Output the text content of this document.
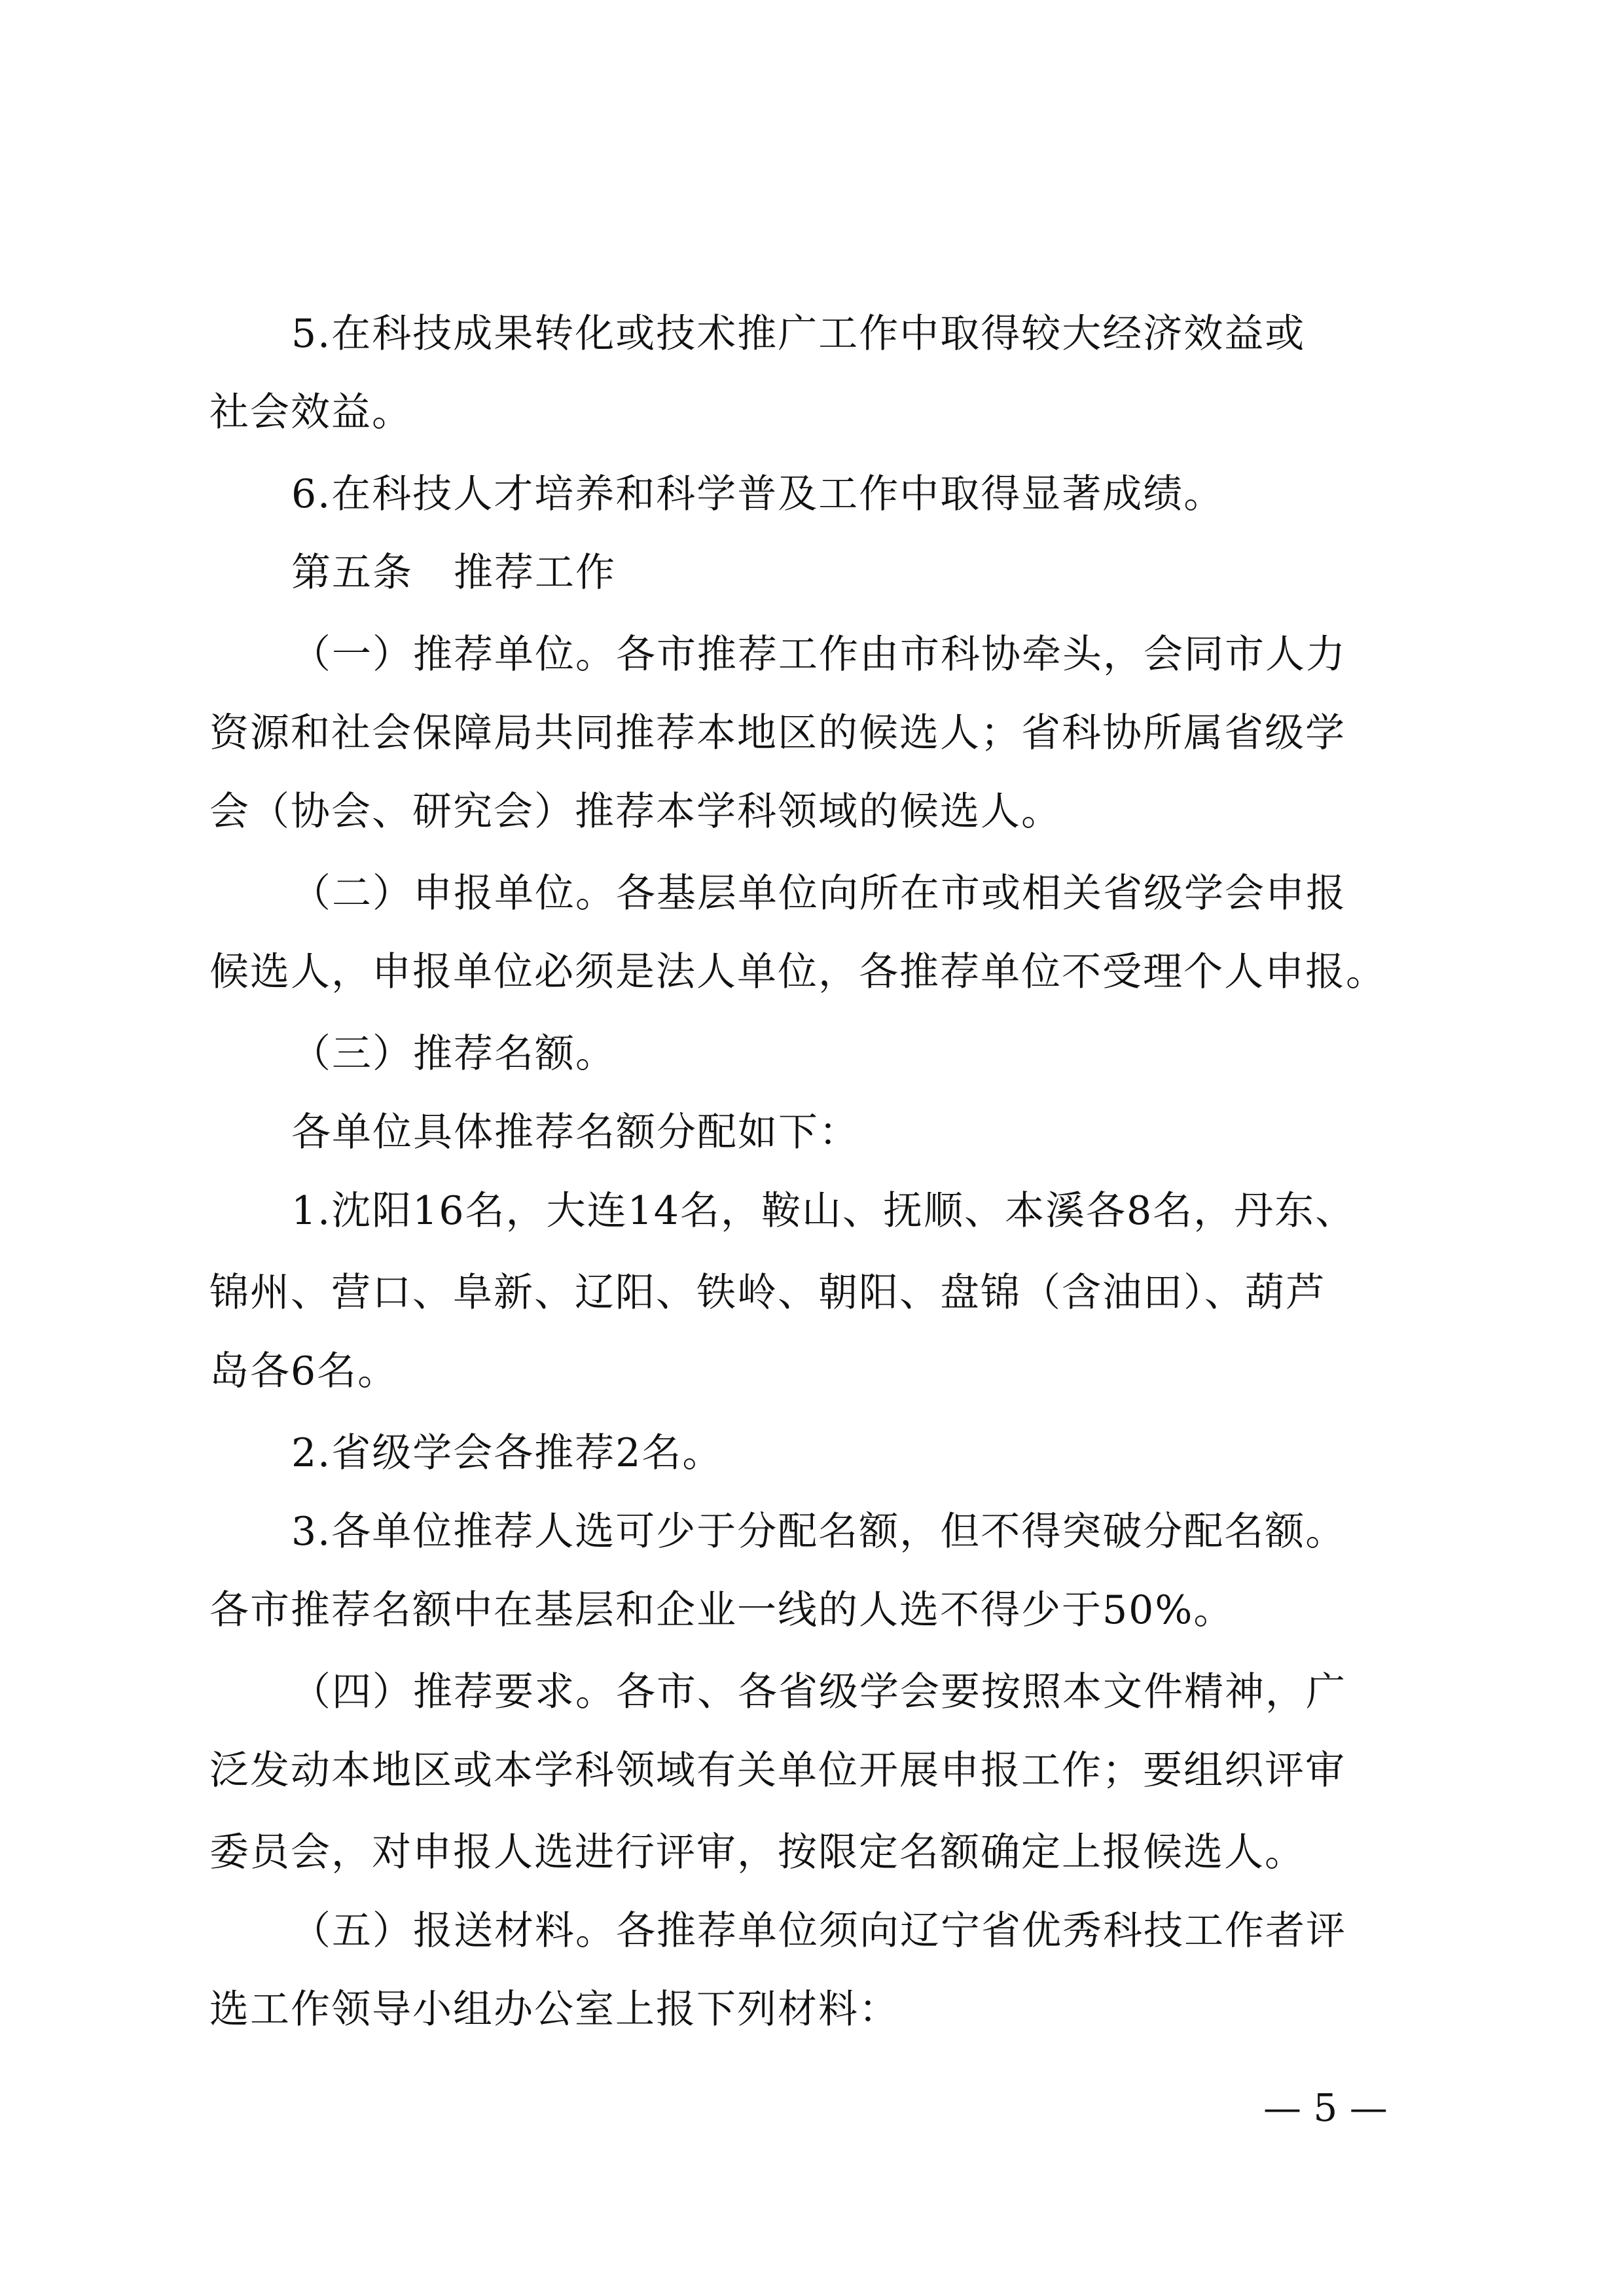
5.在科技成果转化或技术推广工作中取得较大经济效益或
社会效益。
6.在科技人才培养和科学普及工作中取得显著成绩。
第五条　推荐工作
（一）推荐单位。各市推荐工作由市科协牵头，会同市人力
资源和社会保障局共同推荐本地区的候选人；省科协所属省级学
会（协会、研究会）推荐本学科领域的候选人。
（二）申报单位。各基层单位向所在市或相关省级学会申报
候选人，申报单位必须是法人单位，各推荐单位不受理个人申报。
（三）推荐名额。
各单位具体推荐名额分配如下：
1.沈阳16名，大连14名，鞍山、抚顺、本溪各8名，丹东、
锦州、营口、阜新、辽阳、铁岭、朝阳、盘锦（含油田）、葫芦
岛各6名。
2.省级学会各推荐2名。
3.各单位推荐人选可少于分配名额，但不得突破分配名额。
各市推荐名额中在基层和企业一线的人选不得少于50%。
（四）推荐要求。各市、各省级学会要按照本文件精神，广
泛发动本地区或本学科领域有关单位开展申报工作；要组织评审
委员会，对申报人选进行评审，按限定名额确定上报候选人。
（五）报送材料。各推荐单位须向辽宁省优秀科技工作者评
选工作领导小组办公室上报下列材料：
— 5 —
